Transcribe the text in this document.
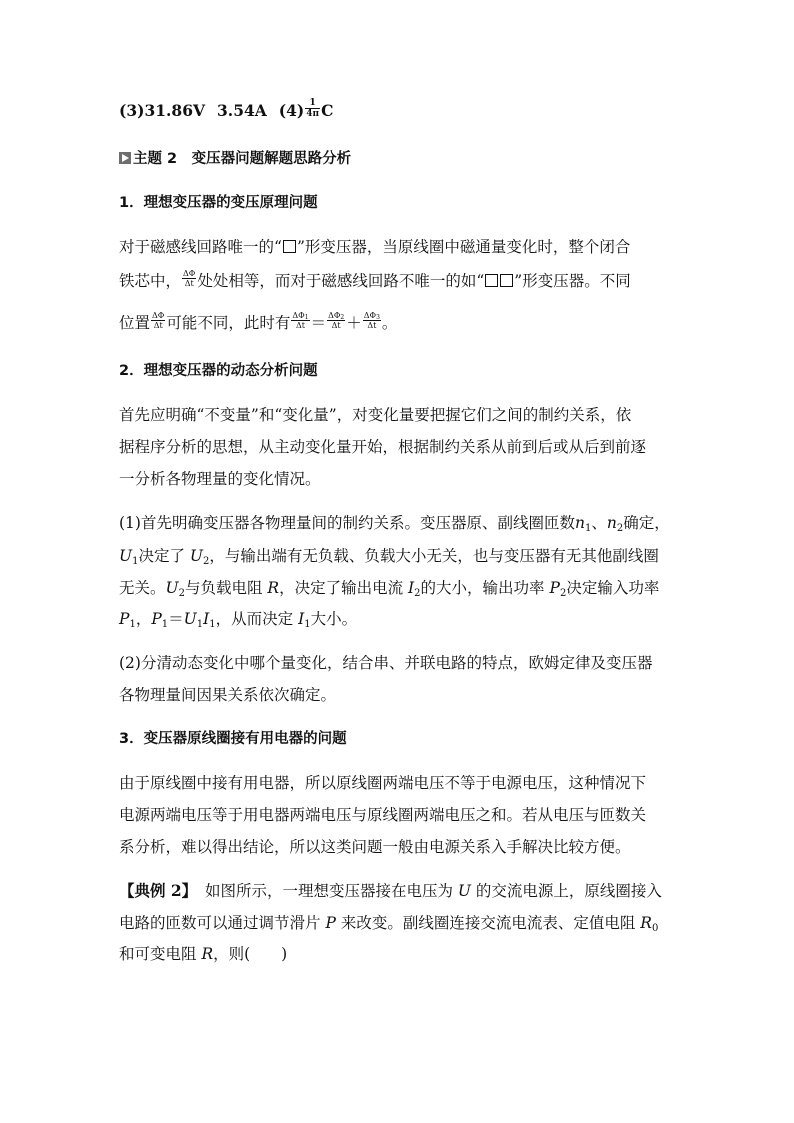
(3)31.86V 3.54A $(4) \frac{1}{4\pi}$ C
主题 2　变压器问题解题思路分析
1．理想变压器的变压原理问题
对于磁感线回路唯一的“ ”形变压器，当原线圈中磁通量变化时，整个闭合
铁芯中， $\frac{\Delta\Phi}{\Delta t}$ 处处相等，而对于磁感线回路不唯一的如“ ”形变压器。不同
位置 $\frac{\Delta\Phi}{\Delta t}$ 可能不同，此时有 $\frac{\Delta\Phi_1}{\Delta t} = \frac{\Delta\Phi_2}{\Delta t} + \frac{\Delta\Phi_3}{\Delta t}$ 。
2．理想变压器的动态分析问题
首先应明确“不变量”和“变化量”，对变化量要把握它们之间的制约关系，依
据程序分析的思想，从主动变化量开始，根据制约关系从前到后或从后到前逐
一分析各物理量的变化情况。
(1)首先明确变压器各物理量间的制约关系。变压器原、副线圈匝数$n_1$、$n_2$确定，
$U_1$决定了 $U_2$，与输出端有无负载、负载大小无关，也与变压器有无其他副线圈
无关。$U_2$与负载电阻 R，决定了输出电流 $I_2$的大小，输出功率 $P_2$决定输入功率
$P_1$，$P_1=U_1I_1$，从而决定 $I_1$大小。
(2)分清动态变化中哪个量变化，结合串、并联电路的特点，欧姆定律及变压器
各物理量间因果关系依次确定。
3．变压器原线圈接有用电器的问题
由于原线圈中接有用电器，所以原线圈两端电压不等于电源电压，这种情况下
电源两端电压等于用电器两端电压与原线圈两端电压之和。若从电压与匝数关
系分析，难以得出结论，所以这类问题一般由电源关系入手解决比较方便。
【典例 2】　如图所示，一理想变压器接在电压为 U 的交流电源上，原线圈接入
电路的匝数可以通过调节滑片 P 来改变。副线圈连接交流电流表、定值电阻 $R_0$
和可变电阻 R，则(　　)
